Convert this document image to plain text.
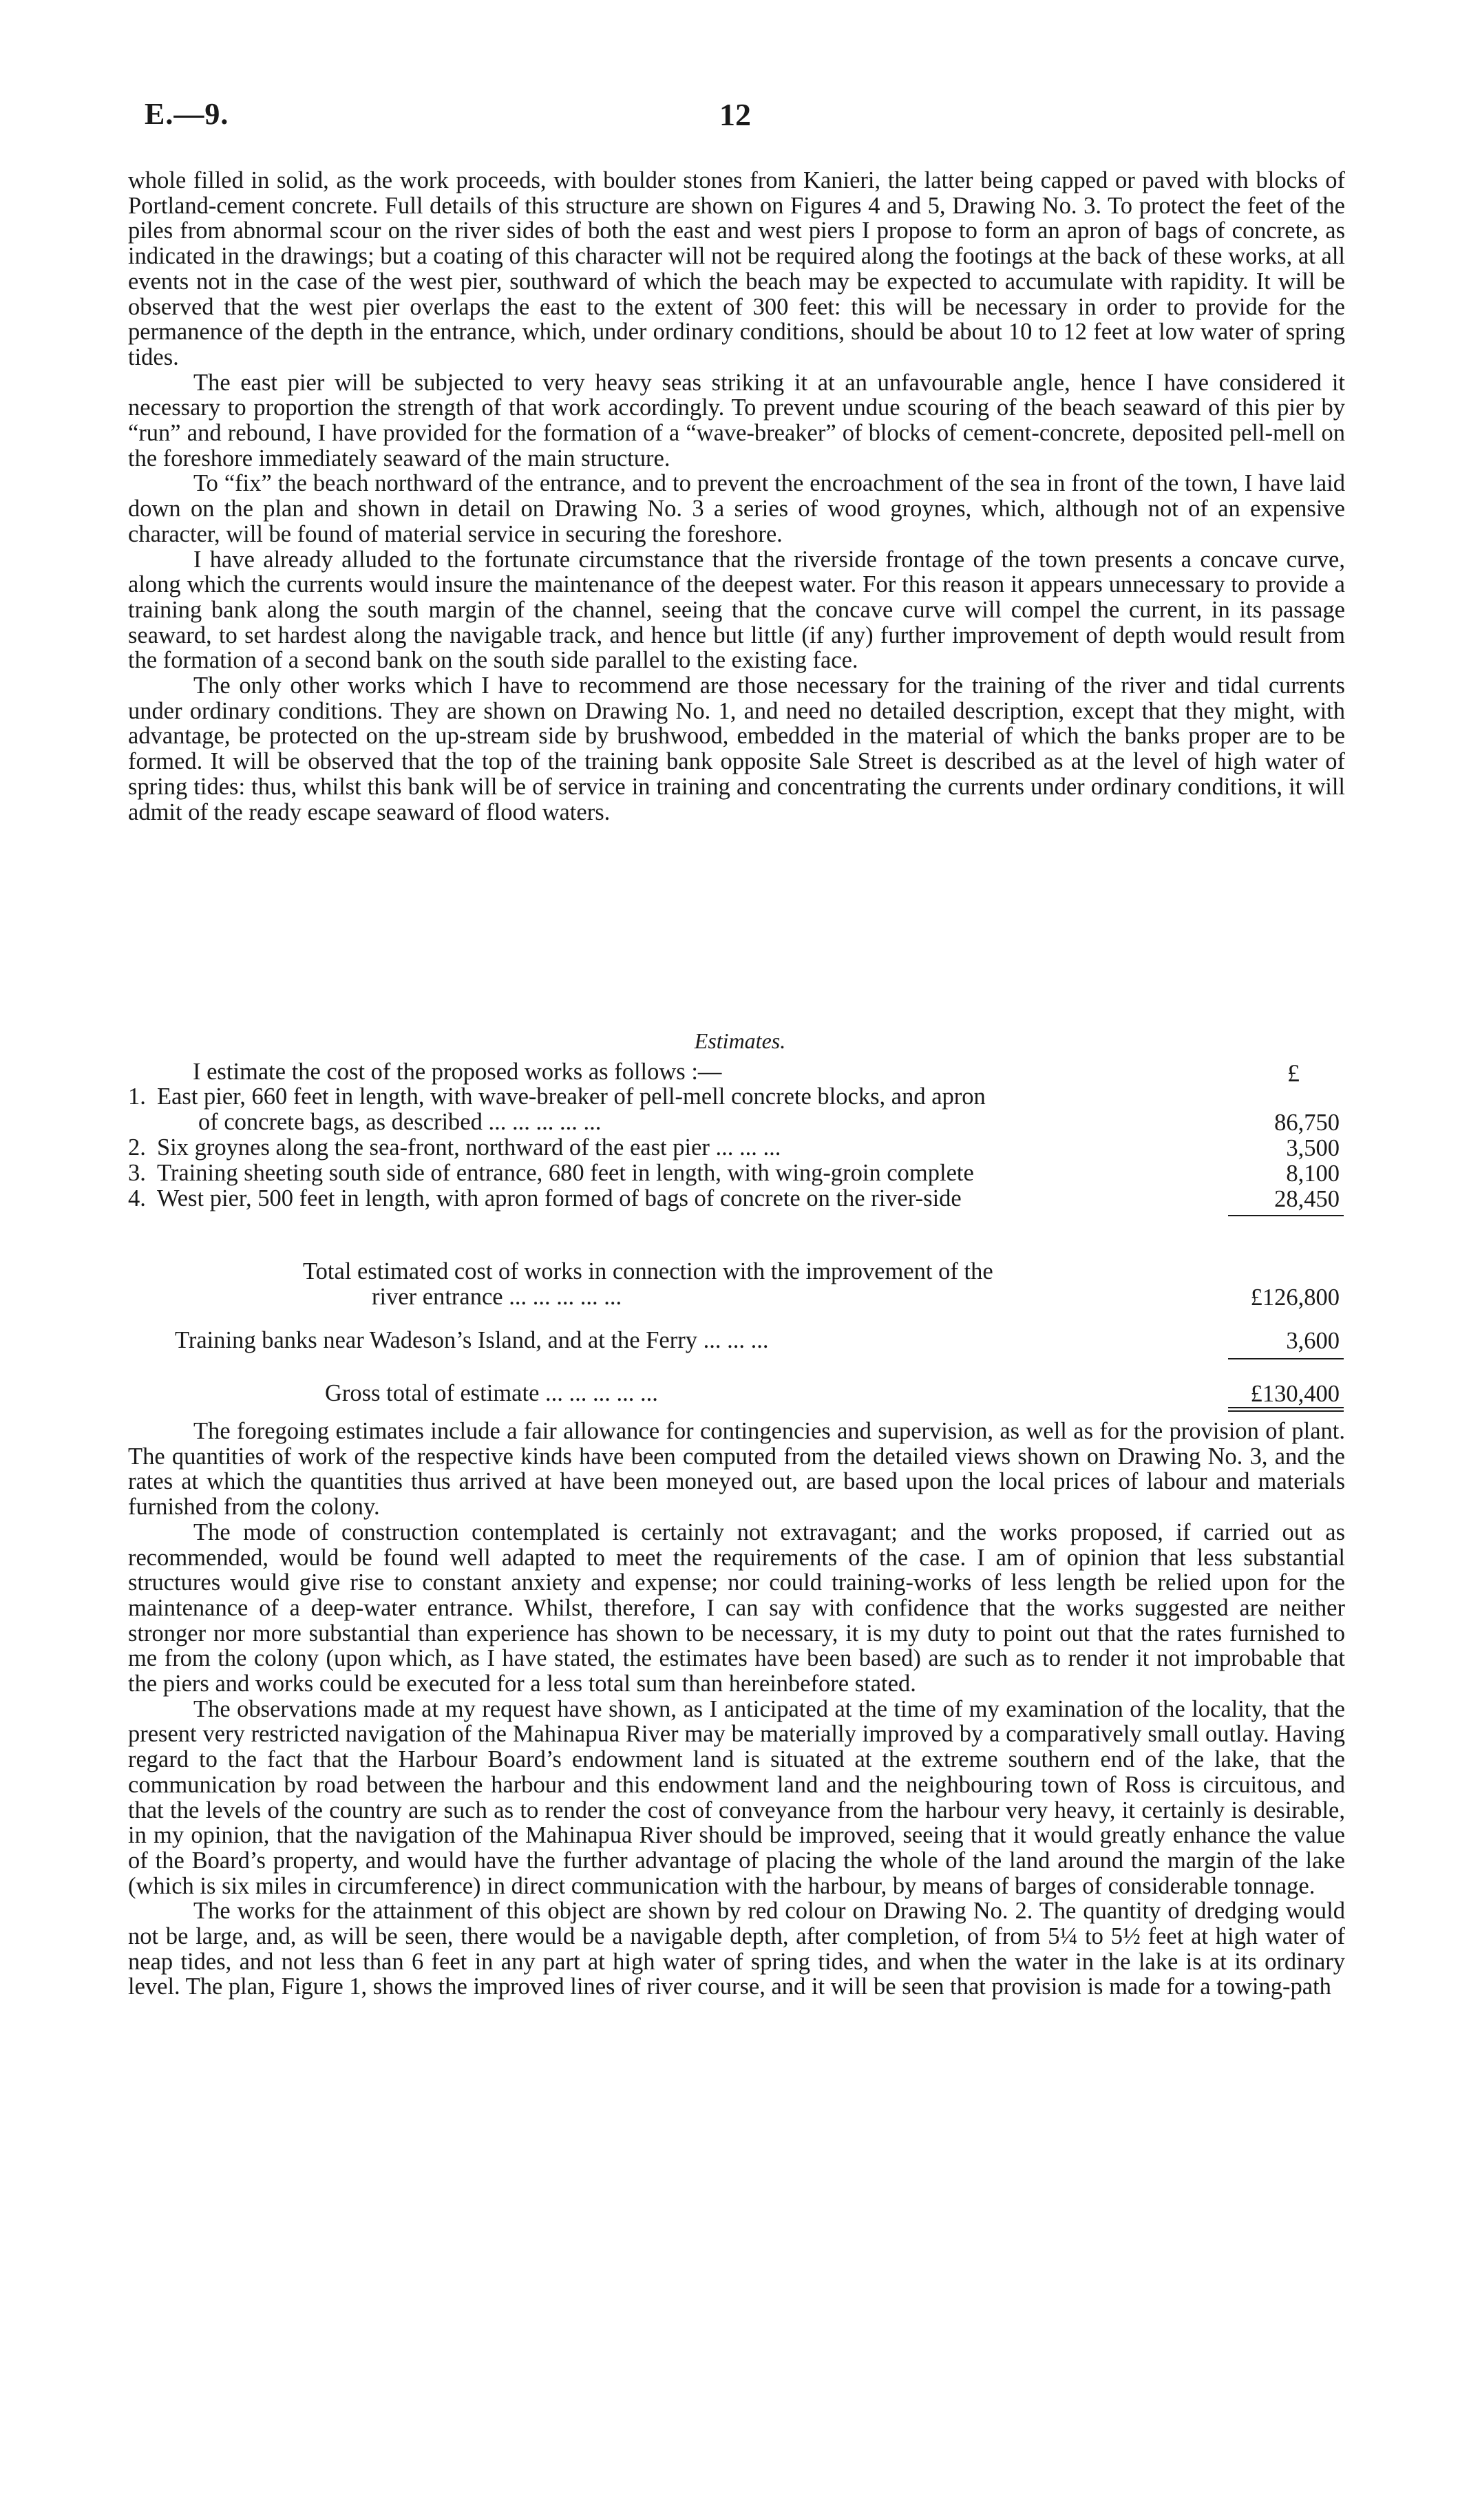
E.—9.	12

whole filled in solid, as the work proceeds, with boulder stones from Kanieri, the latter being capped or paved with blocks of Portland-cement concrete. Full details of this structure are shown on Figures 4 and 5, Drawing No. 3. To protect the feet of the piles from abnormal scour on the river sides of both the east and west piers I propose to form an apron of bags of concrete, as indicated in the drawings; but a coating of this character will not be required along the footings at the back of these works, at all events not in the case of the west pier, southward of which the beach may be expected to accumulate with rapidity. It will be observed that the west pier overlaps the east to the extent of 300 feet: this will be necessary in order to provide for the permanence of the depth in the entrance, which, under ordinary conditions, should be about 10 to 12 feet at low water of spring tides.

The east pier will be subjected to very heavy seas striking it at an unfavourable angle, hence I have considered it necessary to proportion the strength of that work accordingly. To prevent undue scouring of the beach seaward of this pier by “run” and rebound, I have provided for the formation of a “wave-breaker” of blocks of cement-concrete, deposited pell-mell on the foreshore immediately seaward of the main structure.

To “fix” the beach northward of the entrance, and to prevent the encroachment of the sea in front of the town, I have laid down on the plan and shown in detail on Drawing No. 3 a series of wood groynes, which, although not of an expensive character, will be found of material service in securing the foreshore.

I have already alluded to the fortunate circumstance that the riverside frontage of the town presents a concave curve, along which the currents would insure the maintenance of the deepest water. For this reason it appears unnecessary to provide a training bank along the south margin of the channel, seeing that the concave curve will compel the current, in its passage seaward, to set hardest along the navigable track, and hence but little (if any) further improvement of depth would result from the formation of a second bank on the south side parallel to the existing face.

The only other works which I have to recommend are those necessary for the training of the river and tidal currents under ordinary conditions. They are shown on Drawing No. 1, and need no detailed description, except that they might, with advantage, be protected on the up-stream side by brushwood, embedded in the material of which the banks proper are to be formed. It will be observed that the top of the training bank opposite Sale Street is described as at the level of high water of spring tides: thus, whilst this bank will be of service in training and concentrating the currents under ordinary conditions, it will admit of the ready escape seaward of flood waters.

Estimates.
I estimate the cost of the proposed works as follows :—	£
1. East pier, 660 feet in length, with wave-breaker of pell-mell concrete blocks, and apron
of concrete bags, as described ... ... ... ... ...	86,750
2. Six groynes along the sea-front, northward of the east pier ... ... ...	3,500
3. Training sheeting south side of entrance, 680 feet in length, with wing-groin complete	8,100
4. West pier, 500 feet in length, with apron formed of bags of concrete on the river-side	28,450
Total estimated cost of works in connection with the improvement of the
river entrance ... ... ... ... ...	£126,800
Training banks near Wadeson’s Island, and at the Ferry ... ... ...	3,600
Gross total of estimate ... ... ... ... ...	£130,400

The foregoing estimates include a fair allowance for contingencies and supervision, as well as for the provision of plant. The quantities of work of the respective kinds have been computed from the detailed views shown on Drawing No. 3, and the rates at which the quantities thus arrived at have been moneyed out, are based upon the local prices of labour and materials furnished from the colony.

The mode of construction contemplated is certainly not extravagant; and the works proposed, if carried out as recommended, would be found well adapted to meet the requirements of the case. I am of opinion that less substantial structures would give rise to constant anxiety and expense; nor could training-works of less length be relied upon for the maintenance of a deep-water entrance. Whilst, therefore, I can say with confidence that the works suggested are neither stronger nor more substantial than experience has shown to be necessary, it is my duty to point out that the rates furnished to me from the colony (upon which, as I have stated, the estimates have been based) are such as to render it not improbable that the piers and works could be executed for a less total sum than hereinbefore stated.

The observations made at my request have shown, as I anticipated at the time of my examination of the locality, that the present very restricted navigation of the Mahinapua River may be materially improved by a comparatively small outlay. Having regard to the fact that the Harbour Board’s endowment land is situated at the extreme southern end of the lake, that the communication by road between the harbour and this endowment land and the neighbouring town of Ross is circuitous, and that the levels of the country are such as to render the cost of conveyance from the harbour very heavy, it certainly is desirable, in my opinion, that the navigation of the Mahinapua River should be improved, seeing that it would greatly enhance the value of the Board’s property, and would have the further advantage of placing the whole of the land around the margin of the lake (which is six miles in circumference) in direct communication with the harbour, by means of barges of considerable tonnage.

The works for the attainment of this object are shown by red colour on Drawing No. 2. The quantity of dredging would not be large, and, as will be seen, there would be a navigable depth, after completion, of from 5¼ to 5½ feet at high water of neap tides, and not less than 6 feet in any part at high water of spring tides, and when the water in the lake is at its ordinary level. The plan, Figure 1, shows the improved lines of river course, and it will be seen that provision is made for a towing-path
